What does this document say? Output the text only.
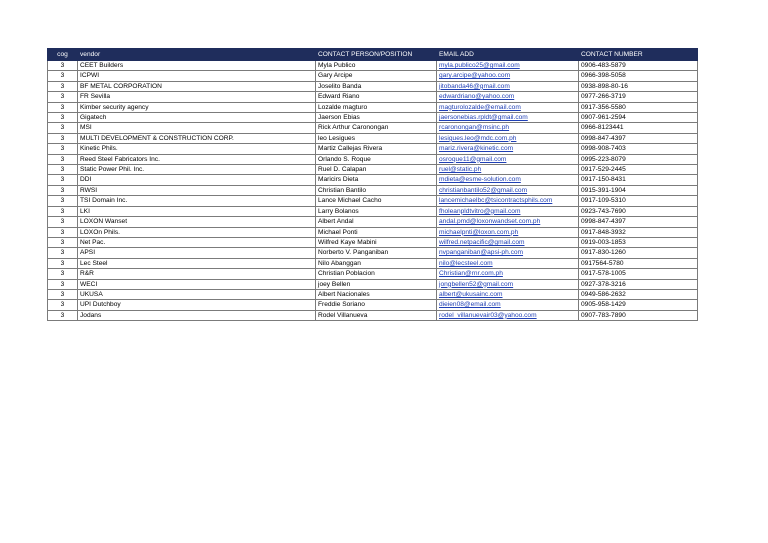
cog	vendor	CONTACT PERSON/POSITION	EMAIL ADD	CONTACT NUMBER
3	CEET Builders	Myla Publico	myla.publico25@gmail.com	0906-483-5879
3	ICPWI	Gary Arcipe	gary.arcipe@yahoo.com	0966-398-5058
3	BF METAL CORPORATION	Joselito Banda	jitobanda46@gmail.com	0938-898-80-16
3	FR Sevilla	Edward Riano	edwardriano@yahoo.com	0977-266-3719
3	Kimber security agency	Lozalde magturo	magturolozalde@email.com	0917-356-5580
3	Gigatech	Jaerson Ebias	jaersonebias.rpldt@gmail.com	0907-961-2594
3	MSI	Rick Arthur Caronongan	rcaronongan@msinc.ph	0966-8123441
3	MULTI DEVELOPMENT & CONSTRUCTION CORP.	leo Lesigues	lesigues.leo@mdc.com.ph	0998-847-4397
3	Kinetic Phils.	Martiz Callejas Rivera	mariz.rivera@kinetic.com	0998-908-7403
3	Reed Steel Fabricators Inc.	Orlando S. Roque	osroque11@gmail.com	0995-223-8079
3	Static Power Phil. Inc.	Ruel D. Calapan	ruel@static.ph	0917-529-2445
3	DDI	Maricirs Dieta	mdieta@esme-solution.com	0917-150-8431
3	RWSI	Christian Bantilo	christianbantilo52@gmail.com	0915-391-1904
3	TSI Domain Inc.	Lance Michael Cacho	lancemichaelbc@tsicontractsphils.com	0917-109-5310
3	LKI	Larry Bolanos	fholeanpldtvitro@gmail.com	0923-743-7690
3	LOXON Wanset	Albert Andal	andal.pmd@loxonwandset.com.ph	0998-847-4397
3	LOXOn Phils.	Michael Ponti	michaelpnti@loxon.com.ph	0917-848-3932
3	Net Pac.	Wilfred Kaye Mabini	wilfred.netpacific@gmail.com	0919-003-1853
3	APSI	Norberto V. Panganiban	nvpanganiban@apsi-ph.com	0917-830-1260
3	Lec Steel	Nilo Abanggan	nilo@lecsteel.com	0917564-5780
3	R&R	Christian Poblacion	Christian@rnr.com.ph	0917-578-1005
3	WECI	joey Bellen	jongbellen52@gmail.com	0927-378-3216
3	UKUSA	Albert Nacionales	albert@ukusainc.com	0949-586-2632
3	UPI Dutchboy	Freddie Soriano	dieien08@email.com	0905-958-1429
3	Jodans	Rodel Villanueva	rodel_villanuevair03@yahoo.com	0907-783-7890
